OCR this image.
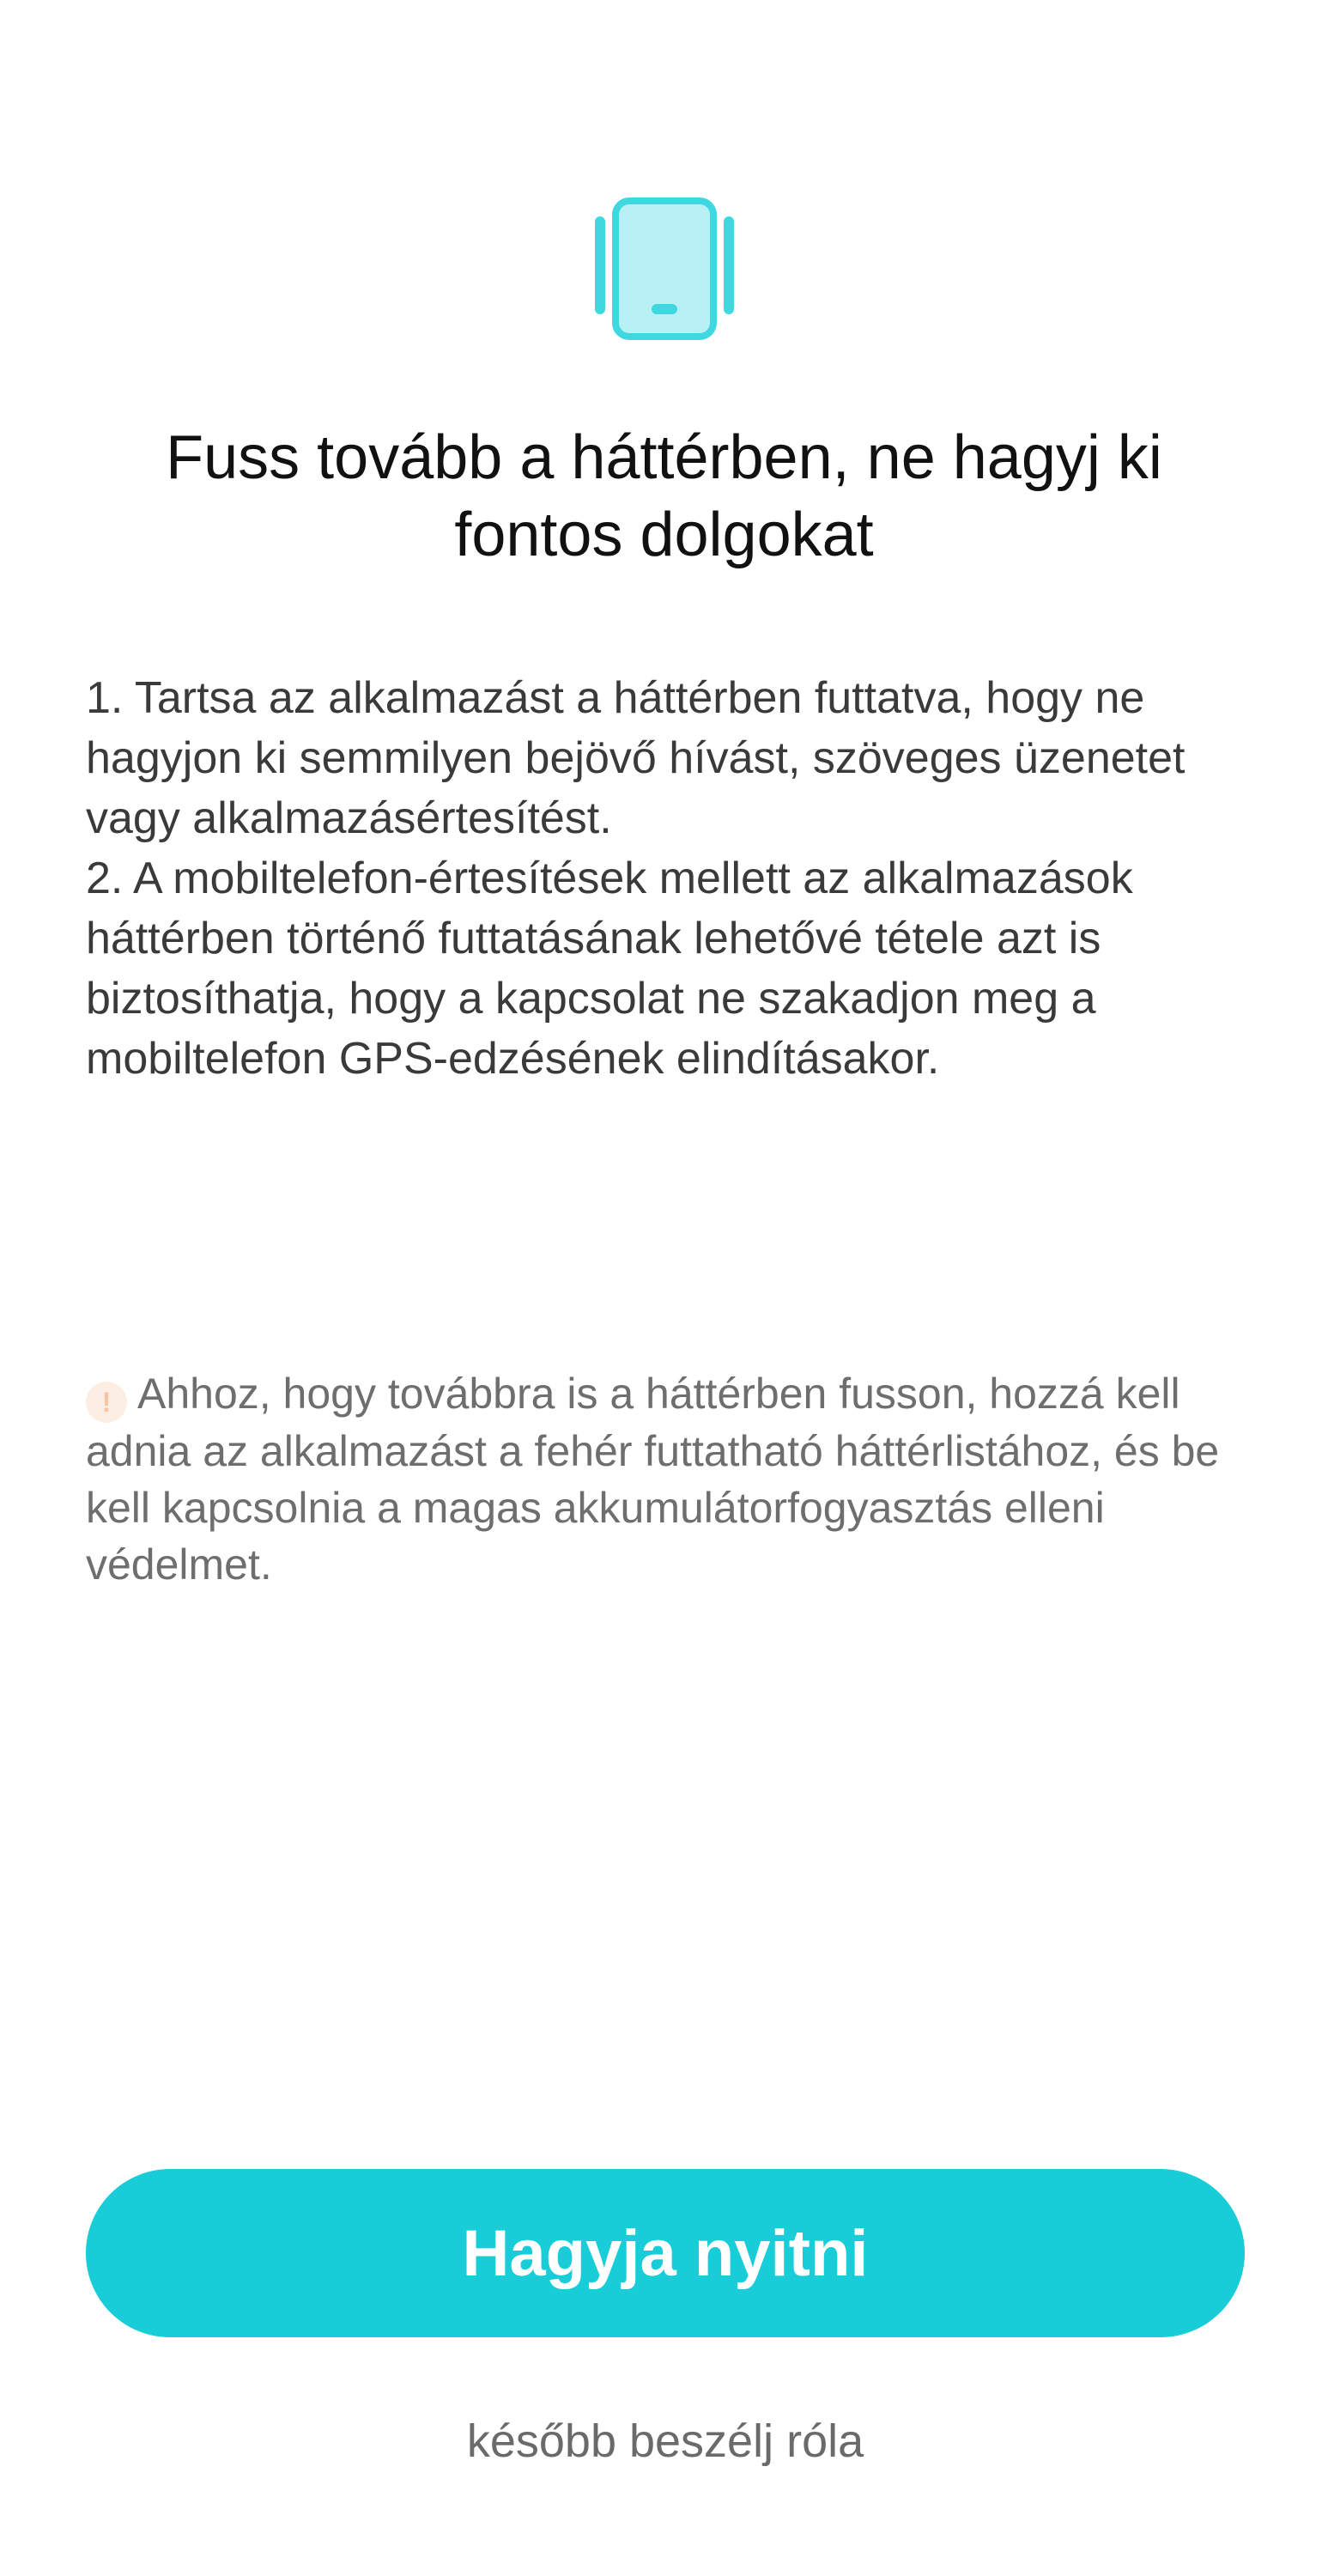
Fuss tovább a háttérben, ne hagyj ki fontos dolgokat

1. Tartsa az alkalmazást a háttérben futtatva, hogy ne hagyjon ki semmilyen bejövő hívást, szöveges üzenetet vagy alkalmazásértesítést.

2. A mobiltelefon-értesítések mellett az alkalmazások háttérben történő futtatásának lehetővé tétele azt is biztosíthatja, hogy a kapcsolat ne szakadjon meg a mobiltelefon GPS-edzésének elindításakor.

! Ahhoz, hogy továbbra is a háttérben fusson, hozzá kell adnia az alkalmazást a fehér futtatható háttérlistához, és be kell kapcsolnia a magas akkumulátorfogyasztás elleni védelmet.
Hagyja nyitni
később beszélj róla
